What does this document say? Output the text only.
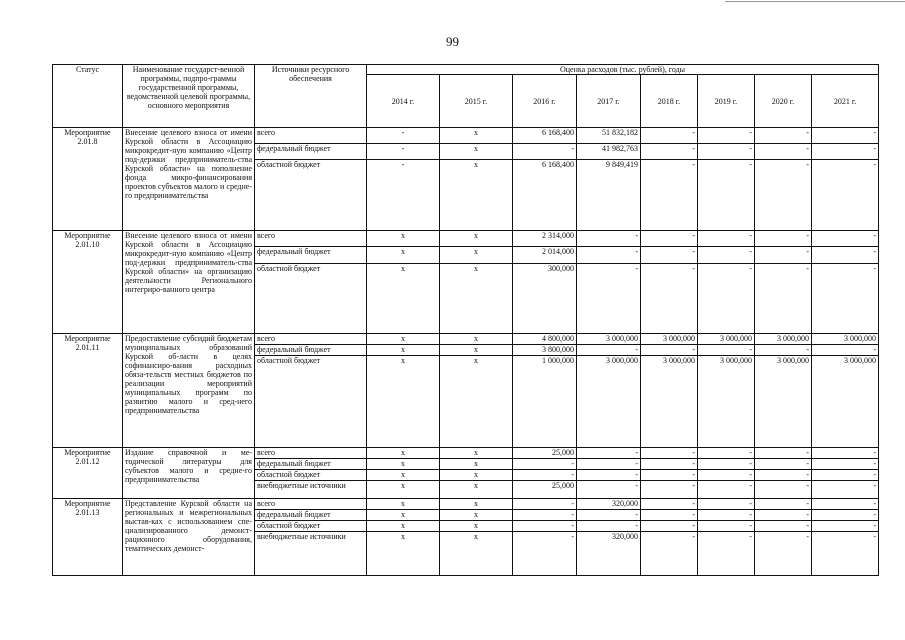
99
Статус	Наименование государст-венной программы, подпро-граммы государственной программы, ведомственной целевой программы, основного мероприятия	Источники ресурсного обеспечения	Оценка расходов (тыс. рублей), годы							
			2014 г.	2015 г.	2016 г.	2017 г.	2018 г.	2019 г.	2020 г.	2021 г.
Мероприятие 2.01.8	Внесение целевого взноса от имени Курской области в Ассоциацию микрокредит-ную компанию «Центр под-держки предприниматель-ства Курской области» на пополнение фонда микро-финансирования проектов субъектов малого и средне-го предпринимательства	всего	-	х	6 168,400	51 832,182	-	-	-	-
		федеральный бюджет	-	х	-	41 982,763	-	-	-	-
		областной бюджет	-	х	6 168,400	9 849,419	-	-	-	-
Мероприятие 2.01.10	Внесение целевого взноса от имени Курской области в Ассоциацию микрокредит-ную компанию «Центр под-держки предприниматель-ства Курской области» на организацию деятельности Регионального интегриро-ванного центра	всего	х	х	2 314,000	-	-	-	-	-
		федеральный бюджет	х	х	2 014,000	-	-	-	-	-
		областной бюджет	х	х	300,000	-	-	-	-	-
Мероприятие 2.01.11	Предоставление субсидий бюджетам муниципальных образований Курской об-ласти в целях софинансиро-вания расходных обяза-тельств местных бюджетов по реализации мероприятий муниципальных программ по развитию малого и сред-него предпринимательства	всего	х	х	4 800,000	3 000,000	3 000,000	3 000,000	3 000,000	3 000,000
		федеральный бюджет	х	х	3 800,000	-	-	-	-	-
		областной бюджет	х	х	1 000,000	3 000,000	3 000,000	3 000,000	3 000,000	3 000,000
Мероприятие 2.01.12	Издание справочной и ме-тодической литературы для субъектов малого и средне-го предпринимательства	всего	х	х	25,000	-	-	-	-	-
		федеральный бюджет	х	х	-	-	-	-	-	-
		областной бюджет	х	х	-	-	-	-	-	-
		внебюджетные источники	х	х	25,000	-	-	-	-	-
Мероприятие 2.01.13	Представление Курской области на региональных и межрегиональных выстав-ках с использованием спе-циализированного демонст-рационного оборудования, тематических демонст-	всего	х	х	-	320,000	-	-	-	-
		федеральный бюджет	х	х	-	-	-	-	-	-
		областной бюджет	х	х	-	-	-	-	-	-
		внебюджетные источники	х	х	-	320,000	-	-	-	-
